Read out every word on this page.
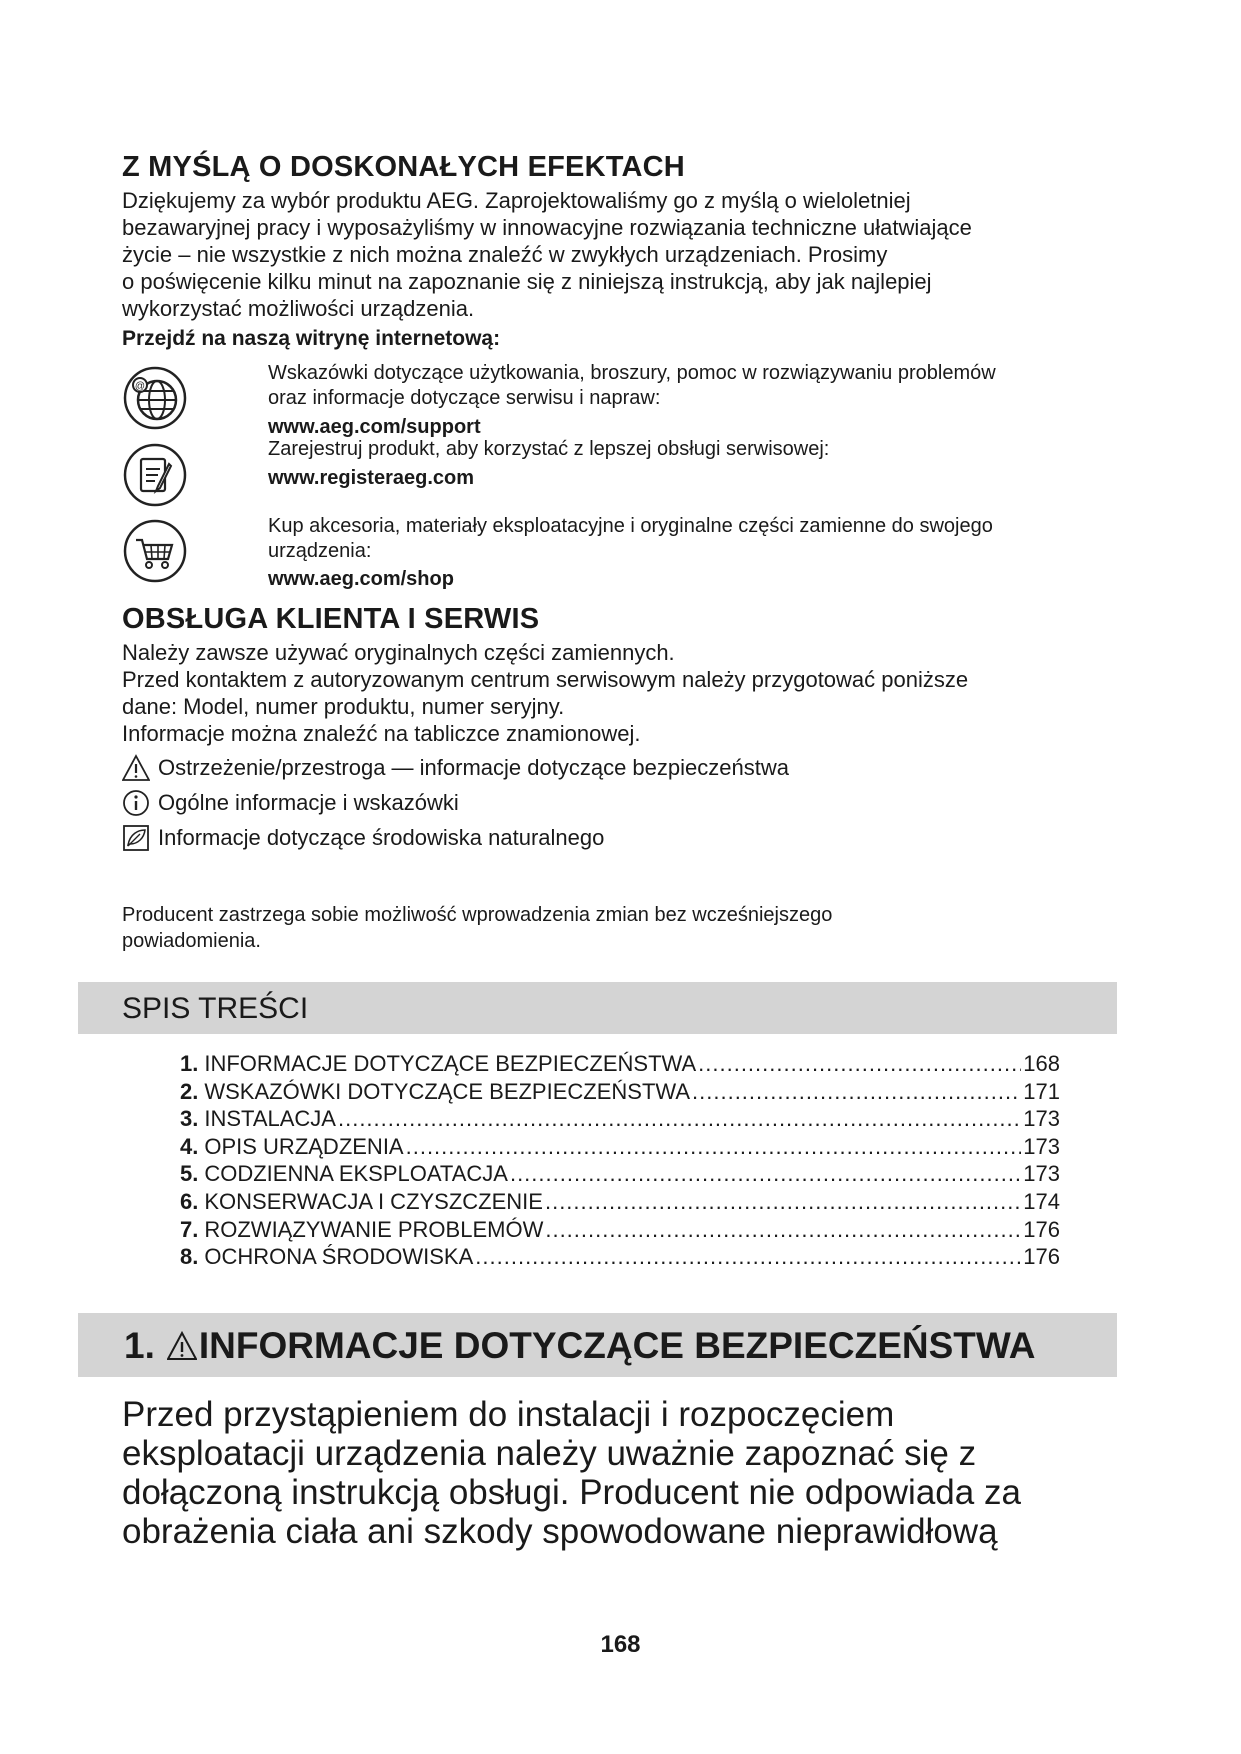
Z MYŚLĄ O DOSKONAŁYCH EFEKTACH

Dziękujemy za wybór produktu AEG. Zaprojektowaliśmy go z myślą o wieloletniej
bezawaryjnej pracy i wyposażyliśmy w innowacyjne rozwiązania techniczne ułatwiające
życie – nie wszystkie z nich można znaleźć w zwykłych urządzeniach. Prosimy
o poświęcenie kilku minut na zapoznanie się z niniejszą instrukcją, aby jak najlepiej
wykorzystać możliwości urządzenia.

Przejdź na naszą witrynę internetową:

@

Wskazówki dotyczące użytkowania, broszury, pomoc w rozwiązywaniu problemów
oraz informacje dotyczące serwisu i napraw:

www.aeg.com/support

Zarejestruj produkt, aby korzystać z lepszej obsługi serwisowej:

www.registeraeg.com

Kup akcesoria, materiały eksploatacyjne i oryginalne części zamienne do swojego
urządzenia:

www.aeg.com/shop

OBSŁUGA KLIENTA I SERWIS

Należy zawsze używać oryginalnych części zamiennych.
Przed kontaktem z autoryzowanym centrum serwisowym należy przygotować poniższe
dane: Model, numer produktu, numer seryjny.
Informacje można znaleźć na tabliczce znamionowej.

Ostrzeżenie/przestroga — informacje dotyczące bezpieczeństwa
Ogólne informacje i wskazówki
Informacje dotyczące środowiska naturalnego

Producent zastrzega sobie możliwość wprowadzenia zmian bez wcześniejszego
powiadomienia.

SPIS TREŚCI
1. INFORMACJE DOTYCZĄCE BEZPIECZEŃSTWA .....	168
2. WSKAZÓWKI DOTYCZĄCE BEZPIECZEŃSTWA .....	171
3. INSTALACJA .....	173
4. OPIS URZĄDZENIA .....	173
5. CODZIENNA EKSPLOATACJA .....	173
6. KONSERWACJA I CZYSZCZENIE .....	174
7. ROZWIĄZYWANIE PROBLEMÓW .....	176
8. OCHRONA ŚRODOWISKA .....	176
1. INFORMACJE DOTYCZĄCE BEZPIECZEŃSTWA

Przed przystąpieniem do instalacji i rozpoczęciem
eksploatacji urządzenia należy uważnie zapoznać się z
dołączoną instrukcją obsługi. Producent nie odpowiada za
obrażenia ciała ani szkody spowodowane nieprawidłową

168
